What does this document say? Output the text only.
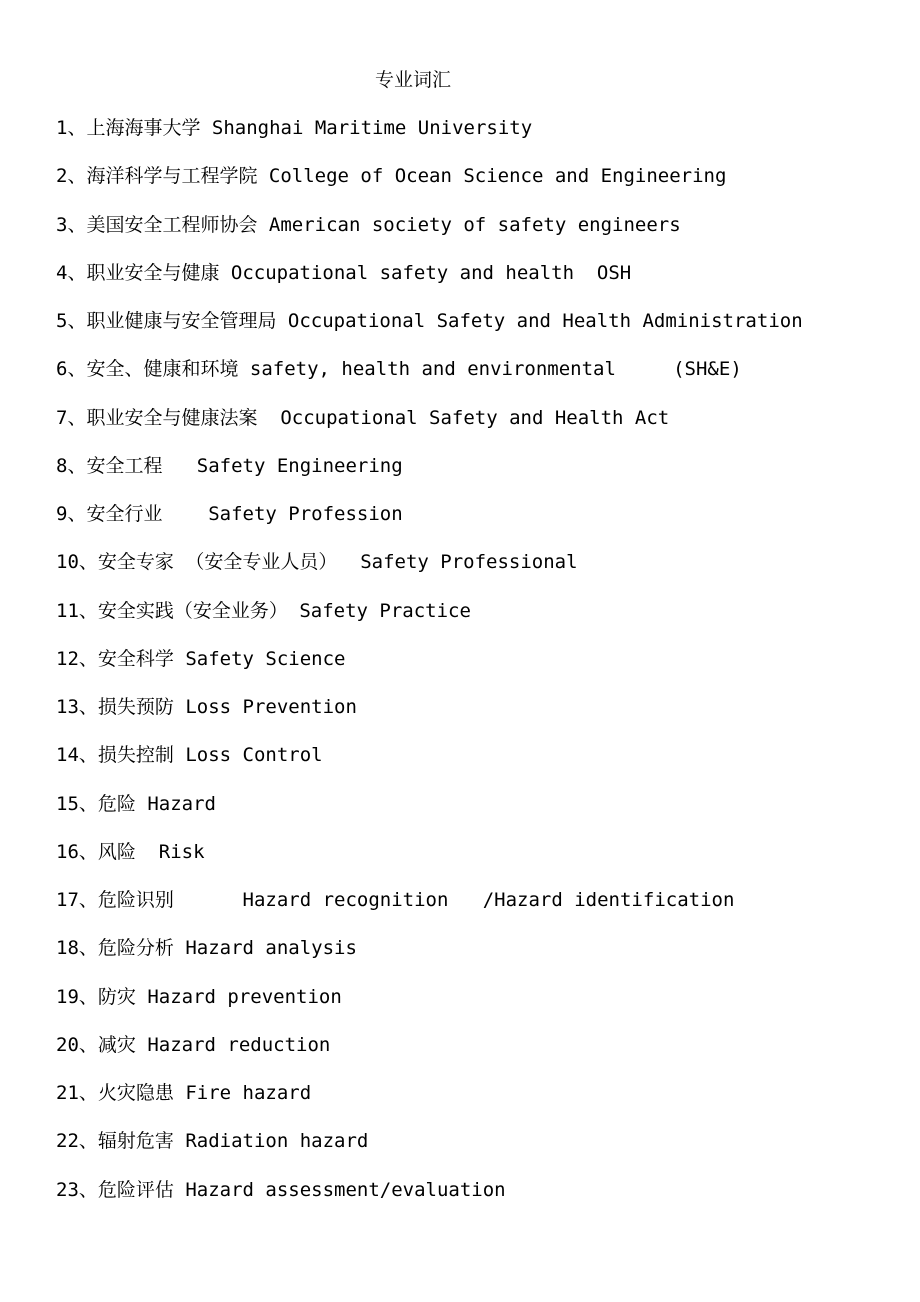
专业词汇
1、上海海事大学 Shanghai Maritime University
2、海洋科学与工程学院 College of Ocean Science and Engineering
3、美国安全工程师协会 American society of safety engineers
4、职业安全与健康 Occupational safety and health  OSH
5、职业健康与安全管理局 Occupational Safety and Health Administration
6、安全、健康和环境 safety, health and environmental     (SH&E)
7、职业安全与健康法案  Occupational Safety and Health Act
8、安全工程   Safety Engineering
9、安全行业    Safety Profession
10、安全专家 （安全专业人员）  Safety Professional
11、安全实践（安全业务） Safety Practice
12、安全科学 Safety Science
13、损失预防 Loss Prevention
14、损失控制 Loss Control
15、危险 Hazard
16、风险  Risk
17、危险识别      Hazard recognition   /Hazard identification
18、危险分析 Hazard analysis
19、防灾 Hazard prevention
20、减灾 Hazard reduction
21、火灾隐患 Fire hazard
22、辐射危害 Radiation hazard
23、危险评估 Hazard assessment/evaluation
